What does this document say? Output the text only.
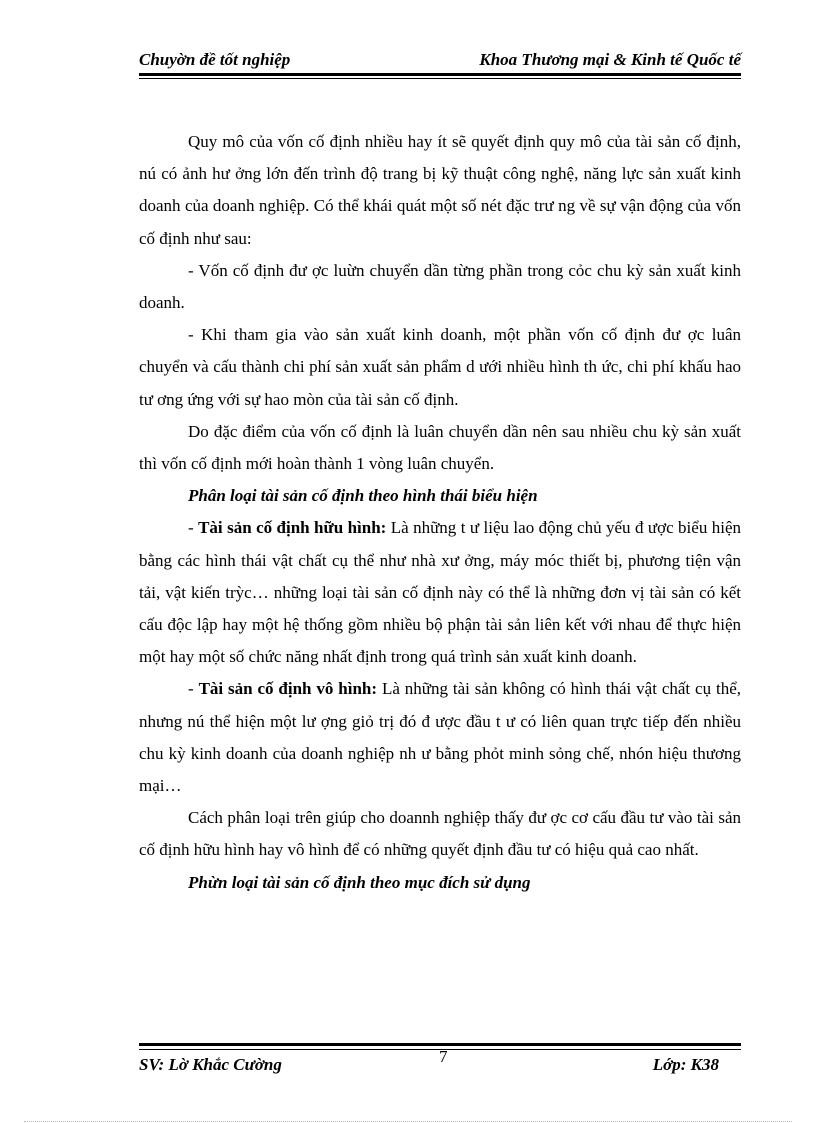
Chuyờn đề tốt nghiệp	Khoa Thương mại & Kinh tế Quốc tế

Quy mô của vốn cố định nhiều hay ít sẽ quyết định quy mô của tài sản cố định, nú có ảnh hư ởng lớn đến trình độ trang bị kỹ thuật công nghệ, năng lực sản xuất kinh doanh của doanh nghiệp. Có thể khái quát một số nét đặc trư ng về sự vận động của vốn cố định như sau:

- Vốn cố định đư ợc luừn chuyển dần từng phần trong cỏc chu kỳ sản xuất kinh doanh.

- Khi tham gia vào sản xuất kinh doanh, một phần vốn cố định đư ợc luân chuyển và cấu thành chi phí sản xuất sản phẩm d ưới nhiều hình th ức, chi phí khấu hao tư ơng ứng với sự hao mòn của tài sản cố định.

Do đặc điểm của vốn cố định là luân chuyển dần nên sau nhiều chu kỳ sản xuất thì vốn cố định mới hoàn thành 1 vòng luân chuyển.

Phân loại tài sản cố định theo hình thái biểu hiện

- Tài sản cố định hữu hình: Là những t ư liệu lao động chủ yếu đ ược biểu hiện bằng các hình thái vật chất cụ thể như nhà xư ởng, máy móc thiết bị, phương tiện vận tải, vật kiến trỳc… những loại tài sản cố định này có thể là những đơn vị tài sản có kết cấu độc lập hay một hệ thống gồm nhiều bộ phận tài sản liên kết với nhau để thực hiện một hay một số chức năng nhất định trong quá trình sản xuất kinh doanh.

- Tài sản cố định vô hình: Là những tài sản không có hình thái vật chất cụ thể, nhưng nú thể hiện một lư ợng giỏ trị đó đ ược đầu t ư có liên quan trực tiếp đến nhiều chu kỳ kinh doanh của doanh nghiệp nh ư bằng phỏt minh sỏng chế, nhón hiệu thương mại…

Cách phân loại trên giúp cho doannh nghiệp thấy đư ợc cơ cấu đầu tư vào tài sản cố định hữu hình hay vô hình để có những quyết định đầu tư có hiệu quả cao nhất.

Phừn loại tài sản cố định theo mục đích sử dụng

SV: Lờ Khắc Cường	7	Lớp: K38
